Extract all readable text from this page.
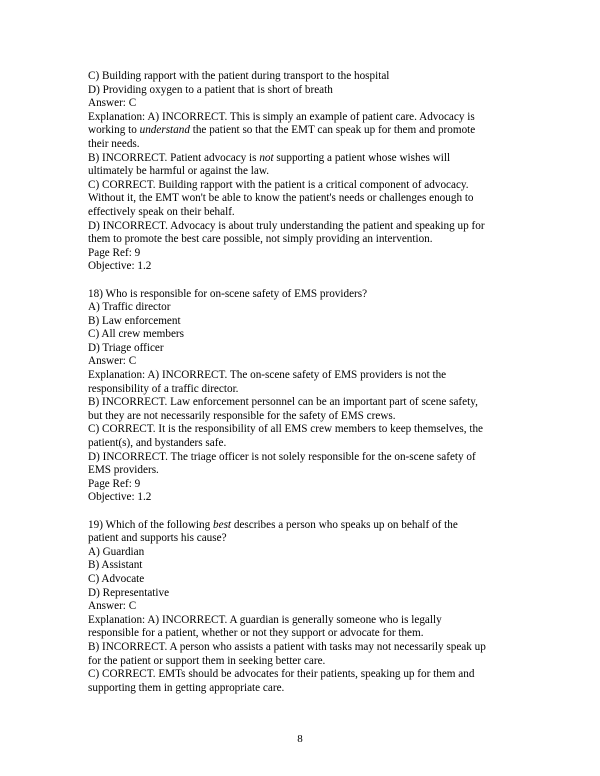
C) Building rapport with the patient during transport to the hospital
D) Providing oxygen to a patient that is short of breath
Answer: C
Explanation: A) INCORRECT. This is simply an example of patient care. Advocacy is
working to understand the patient so that the EMT can speak up for them and promote
their needs.
B) INCORRECT. Patient advocacy is not supporting a patient whose wishes will
ultimately be harmful or against the law.
C) CORRECT. Building rapport with the patient is a critical component of advocacy.
Without it, the EMT won't be able to know the patient's needs or challenges enough to
effectively speak on their behalf.
D) INCORRECT. Advocacy is about truly understanding the patient and speaking up for
them to promote the best care possible, not simply providing an intervention.
Page Ref: 9
Objective: 1.2
18) Who is responsible for on-scene safety of EMS providers?
A) Traffic director
B) Law enforcement
C) All crew members
D) Triage officer
Answer: C
Explanation: A) INCORRECT. The on-scene safety of EMS providers is not the
responsibility of a traffic director.
B) INCORRECT. Law enforcement personnel can be an important part of scene safety,
but they are not necessarily responsible for the safety of EMS crews.
C) CORRECT. It is the responsibility of all EMS crew members to keep themselves, the
patient(s), and bystanders safe.
D) INCORRECT. The triage officer is not solely responsible for the on-scene safety of
EMS providers.
Page Ref: 9
Objective: 1.2
19) Which of the following best describes a person who speaks up on behalf of the
patient and supports his cause?
A) Guardian
B) Assistant
C) Advocate
D) Representative
Answer: C
Explanation: A) INCORRECT. A guardian is generally someone who is legally
responsible for a patient, whether or not they support or advocate for them.
B) INCORRECT. A person who assists a patient with tasks may not necessarily speak up
for the patient or support them in seeking better care.
C) CORRECT. EMTs should be advocates for their patients, speaking up for them and
supporting them in getting appropriate care.
8
